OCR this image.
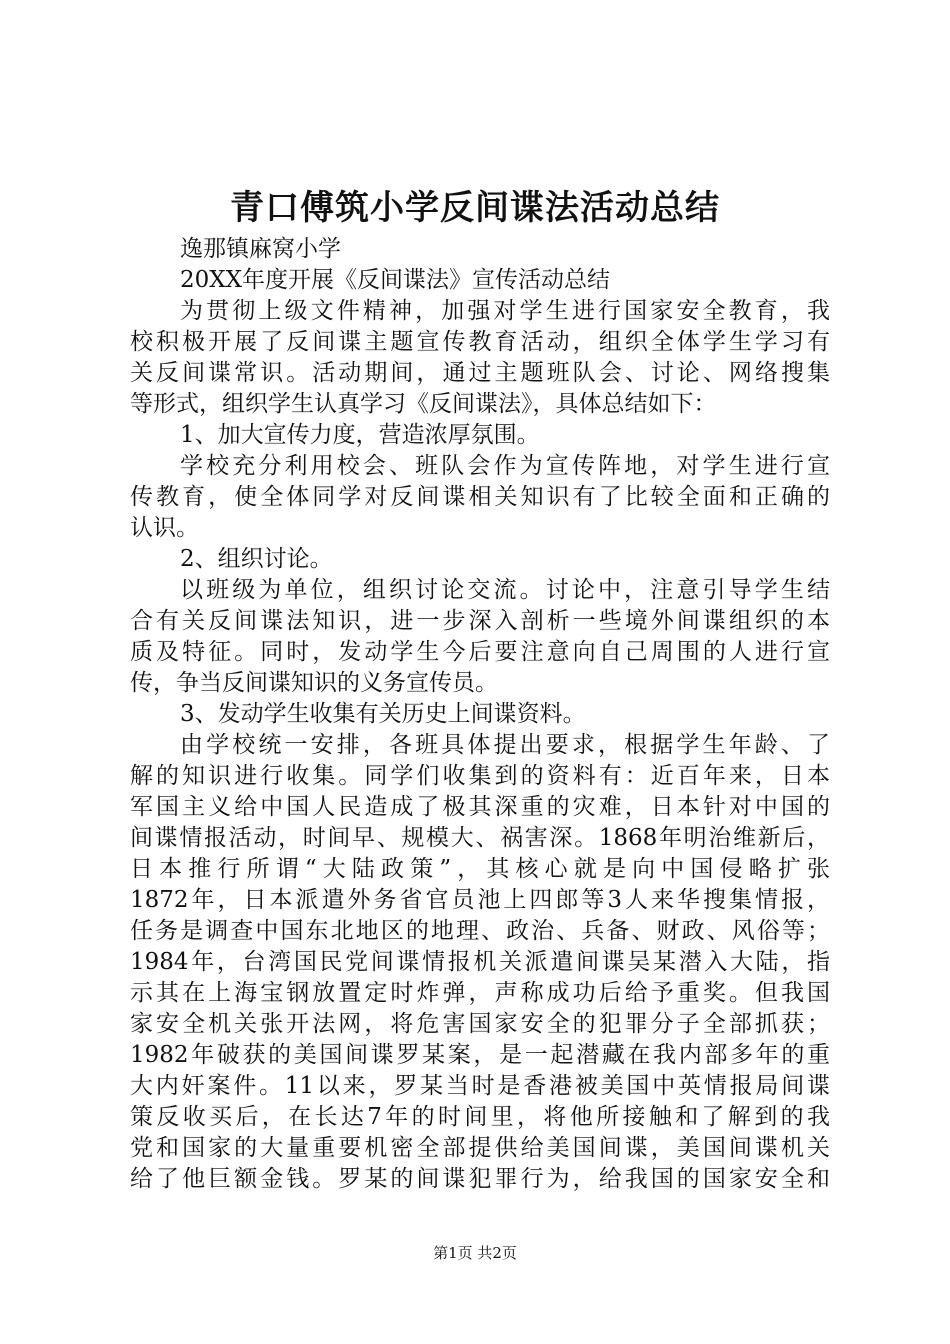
青口傅筑小学反间谍法活动总结

逸那镇麻窝小学

20XX年度开展《反间谍法》宣传活动总结

为贯彻上级文件精神，加强对学生进行国家安全教育，我

校积极开展了反间谍主题宣传教育活动，组织全体学生学习有

关反间谍常识。活动期间，通过主题班队会、讨论、网络搜集

等形式，组织学生认真学习《反间谍法》，具体总结如下：

1、加大宣传力度，营造浓厚氛围。

学校充分利用校会、班队会作为宣传阵地，对学生进行宣

传教育，使全体同学对反间谍相关知识有了比较全面和正确的

认识。

2、组织讨论。

以班级为单位，组织讨论交流。讨论中，注意引导学生结

合有关反间谍法知识，进一步深入剖析一些境外间谍组织的本

质及特征。同时，发动学生今后要注意向自己周围的人进行宣

传，争当反间谍知识的义务宣传员。

3、发动学生收集有关历史上间谍资料。

由学校统一安排，各班具体提出要求，根据学生年龄、了

解的知识进行收集。同学们收集到的资料有：近百年来，日本

军国主义给中国人民造成了极其深重的灾难，日本针对中国的

间谍情报活动，时间早、规模大、祸害深。1868年明治维新后，

日本推行所谓“大陆政策”，其核心就是向中国侵略扩张

1872年，日本派遣外务省官员池上四郎等3人来华搜集情报，

任务是调查中国东北地区的地理、政治、兵备、财政、风俗等；

1984年，台湾国民党间谍情报机关派遣间谍吴某潜入大陆，指

示其在上海宝钢放置定时炸弹，声称成功后给予重奖。但我国

家安全机关张开法网，将危害国家安全的犯罪分子全部抓获；

1982年破获的美国间谍罗某案，是一起潜藏在我内部多年的重

大内奸案件。11以来，罗某当时是香港被美国中英情报局间谍

策反收买后，在长达7年的时间里，将他所接触和了解到的我

党和国家的大量重要机密全部提供给美国间谍，美国间谍机关

给了他巨额金钱。罗某的间谍犯罪行为，给我国的国家安全和

第1页 共2页
